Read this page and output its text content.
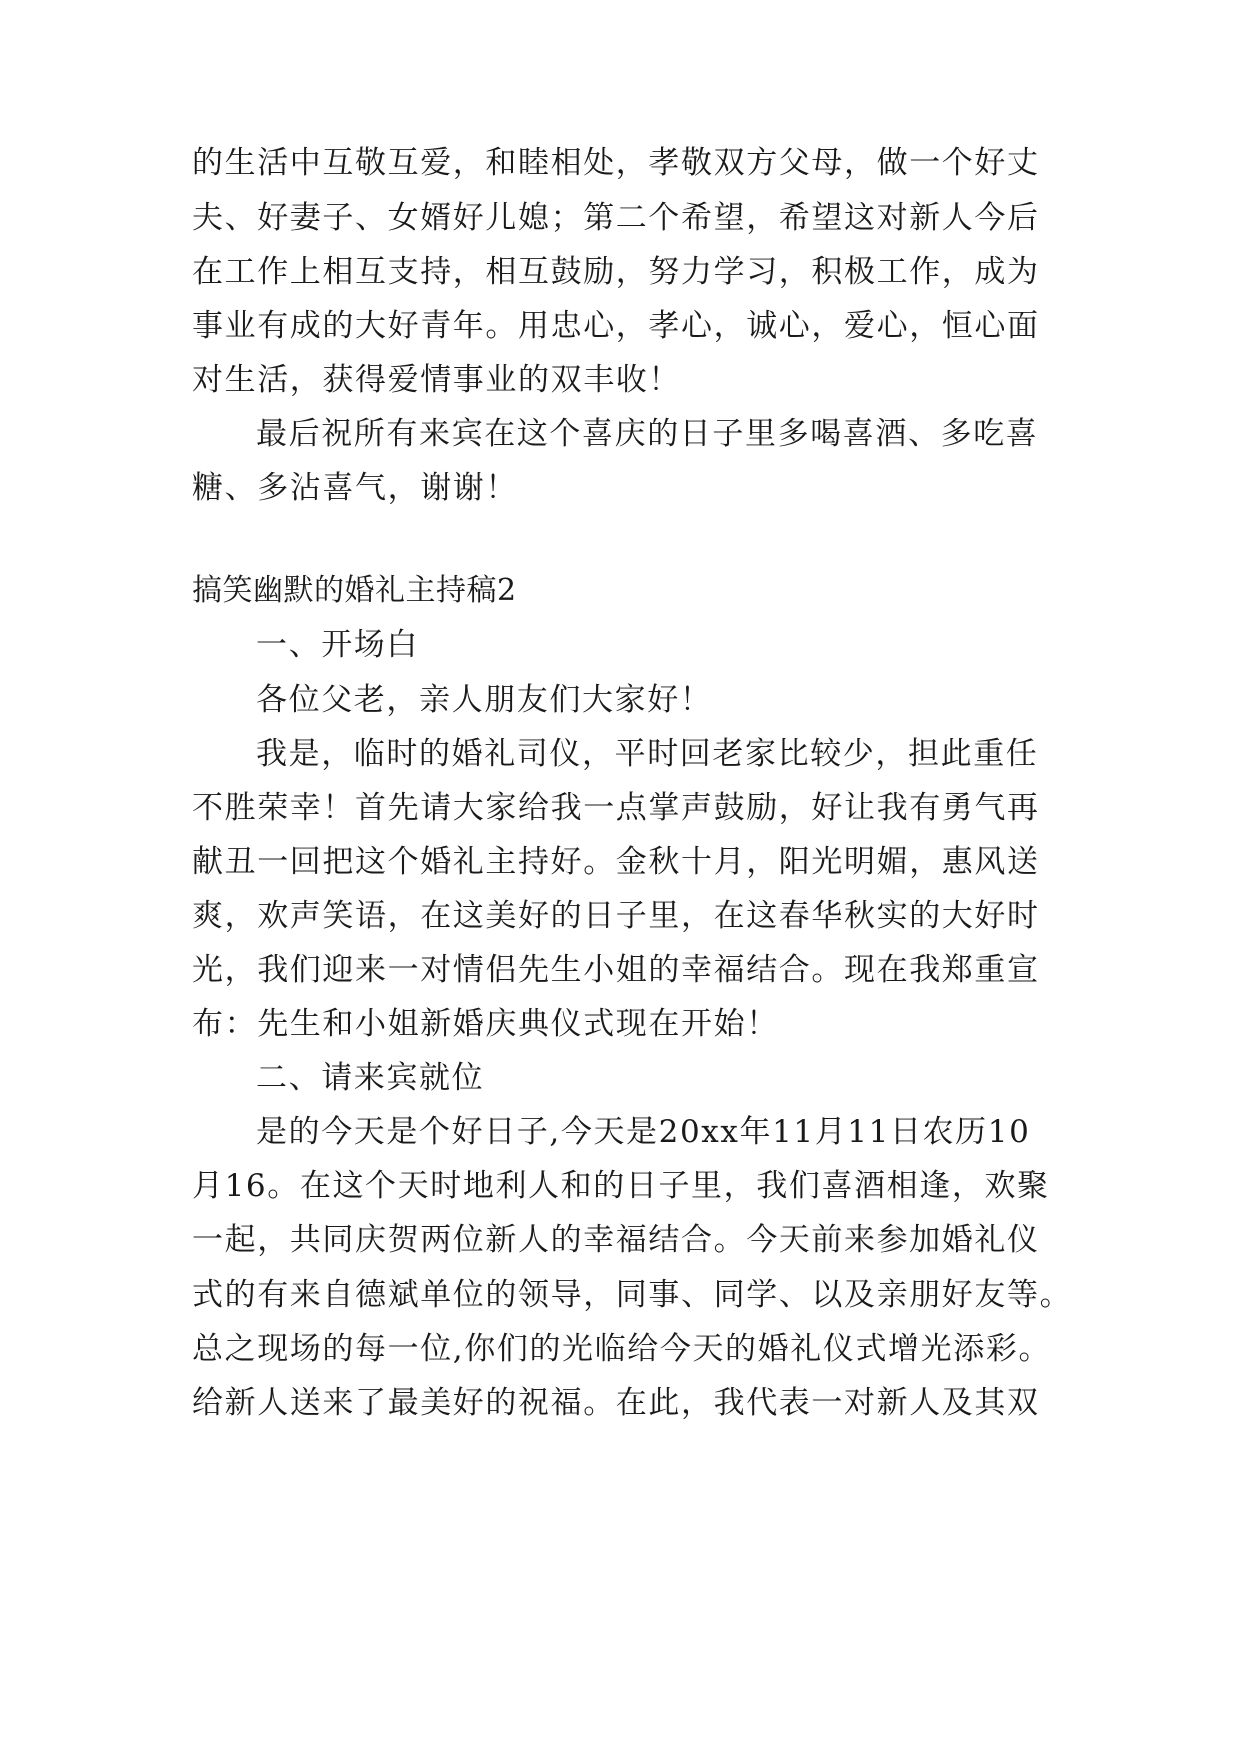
的生活中互敬互爱，和睦相处，孝敬双方父母，做一个好丈
夫、好妻子、女婿好儿媳；第二个希望，希望这对新人今后
在工作上相互支持，相互鼓励，努力学习，积极工作，成为
事业有成的大好青年。用忠心，孝心，诚心，爱心，恒心面
对生活，获得爱情事业的双丰收！
最后祝所有来宾在这个喜庆的日子里多喝喜酒、多吃喜
糖、多沾喜气，谢谢！
搞笑幽默的婚礼主持稿2
一、开场白
各位父老，亲人朋友们大家好！
我是，临时的婚礼司仪，平时回老家比较少，担此重任
不胜荣幸！首先请大家给我一点掌声鼓励，好让我有勇气再
献丑一回把这个婚礼主持好。金秋十月，阳光明媚，惠风送
爽，欢声笑语，在这美好的日子里，在这春华秋实的大好时
光，我们迎来一对情侣先生小姐的幸福结合。现在我郑重宣
布：先生和小姐新婚庆典仪式现在开始！
二、请来宾就位
是的今天是个好日子,今天是20xx年11月11日农历10
月16。在这个天时地利人和的日子里，我们喜酒相逢，欢聚
一起，共同庆贺两位新人的幸福结合。今天前来参加婚礼仪
式的有来自德斌单位的领导，同事、同学、以及亲朋好友等。
总之现场的每一位,你们的光临给今天的婚礼仪式增光添彩。
给新人送来了最美好的祝福。在此，我代表一对新人及其双
